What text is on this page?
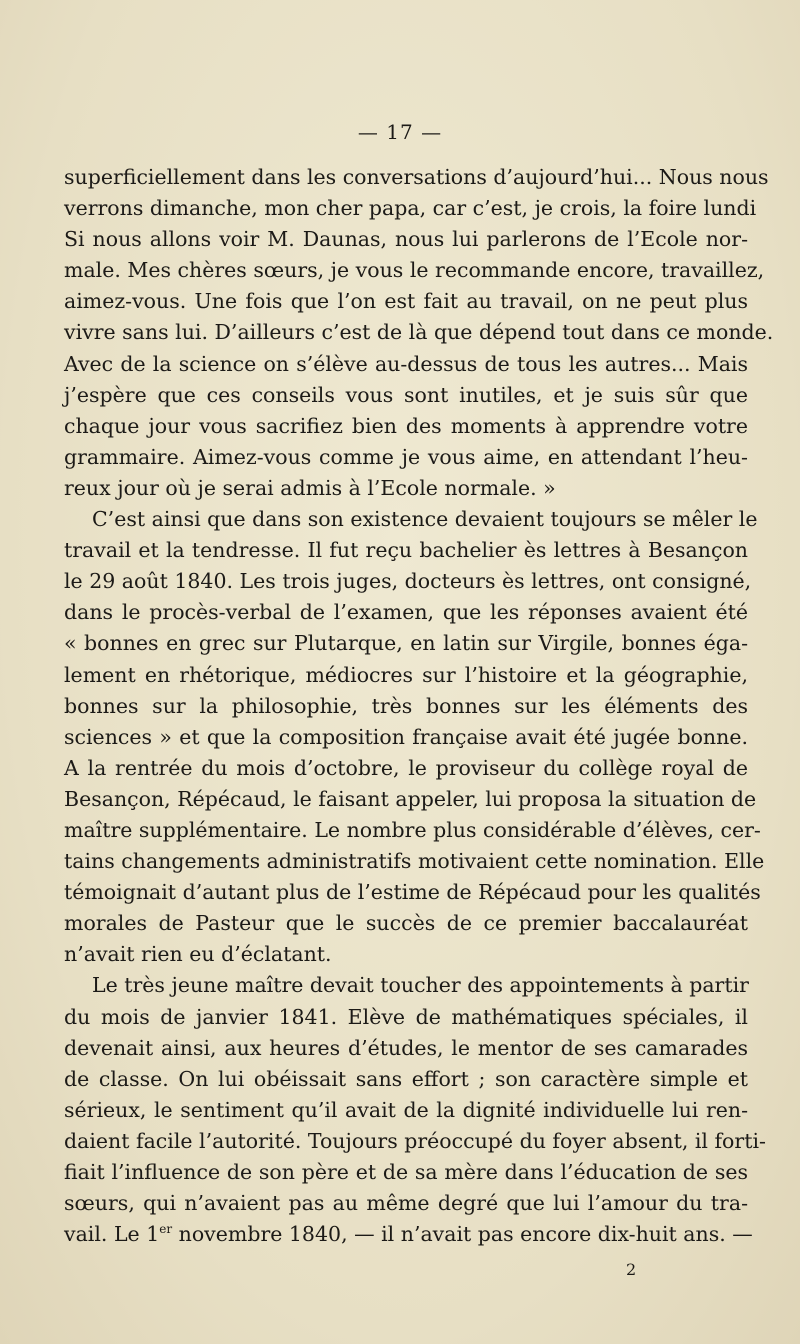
— 17 —

superficiellement dans les conversations d’aujourd’hui... Nous nous
verrons dimanche, mon cher papa, car c’est, je crois, la foire lundi
Si nous allons voir M. Daunas, nous lui parlerons de l’Ecole nor-
male. Mes chères sœurs, je vous le recommande encore, travaillez,
aimez-vous. Une fois que l’on est fait au travail, on ne peut plus
vivre sans lui. D’ailleurs c’est de là que dépend tout dans ce monde.
Avec de la science on s’élève au-dessus de tous les autres... Mais
j’espère que ces conseils vous sont inutiles, et je suis sûr que
chaque jour vous sacrifiez bien des moments à apprendre votre
grammaire. Aimez-vous comme je vous aime, en attendant l’heu-
reux jour où je serai admis à l’Ecole normale. »

C’est ainsi que dans son existence devaient toujours se mêler le
travail et la tendresse. Il fut reçu bachelier ès lettres à Besançon
le 29 août 1840. Les trois juges, docteurs ès lettres, ont consigné,
dans le procès-verbal de l’examen, que les réponses avaient été
« bonnes en grec sur Plutarque, en latin sur Virgile, bonnes éga-
lement en rhétorique, médiocres sur l’histoire et la géographie,
bonnes sur la philosophie, très bonnes sur les éléments des
sciences » et que la composition française avait été jugée bonne.
A la rentrée du mois d’octobre, le proviseur du collège royal de
Besançon, Répécaud, le faisant appeler, lui proposa la situation de
maître supplémentaire. Le nombre plus considérable d’élèves, cer-
tains changements administratifs motivaient cette nomination. Elle
témoignait d’autant plus de l’estime de Répécaud pour les qualités
morales de Pasteur que le succès de ce premier baccalauréat
n’avait rien eu d’éclatant.

Le très jeune maître devait toucher des appointements à partir
du mois de janvier 1841. Elève de mathématiques spéciales, il
devenait ainsi, aux heures d’études, le mentor de ses camarades
de classe. On lui obéissait sans effort ; son caractère simple et
sérieux, le sentiment qu’il avait de la dignité individuelle lui ren-
daient facile l’autorité. Toujours préoccupé du foyer absent, il forti-
fiait l’influence de son père et de sa mère dans l’éducation de ses
sœurs, qui n’avaient pas au même degré que lui l’amour du tra-
vail. Le 1er novembre 1840, — il n’avait pas encore dix-huit ans. —

2
